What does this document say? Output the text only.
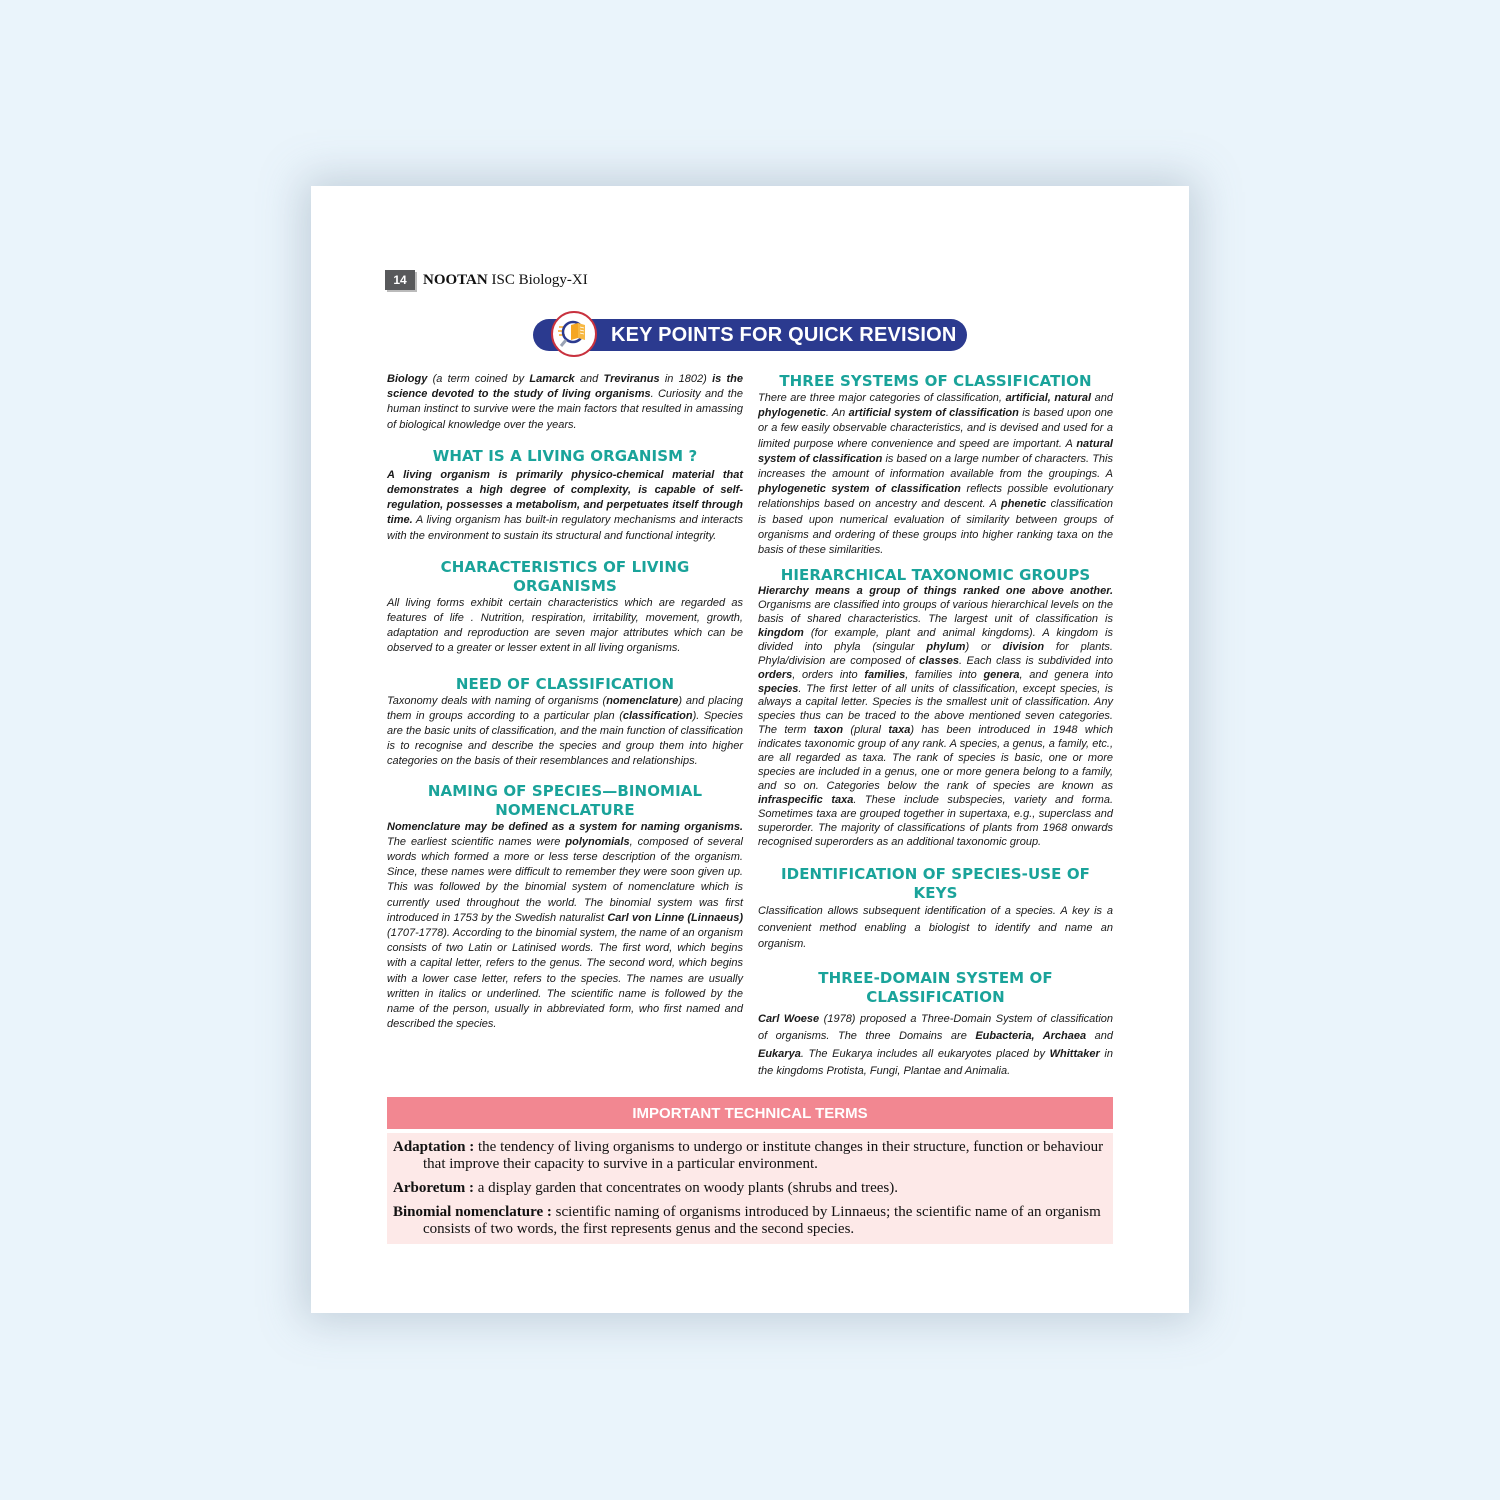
14	NOOTAN ISC Biology-XI
KEY POINTS FOR QUICK REVISION

Biology (a term coined by Lamarck and Treviranus in 1802) is the science devoted to the study of living organisms. Curiosity and the human instinct to survive were the main factors that resulted in amassing of biological knowledge over the years.

WHAT IS A LIVING ORGANISM ?

A living organism is primarily physico-chemical material that demonstrates a high degree of complexity, is capable of self-regulation, possesses a metabolism, and perpetuates itself through time. A living organism has built-in regulatory mechanisms and interacts with the environment to sustain its structural and functional integrity.

CHARACTERISTICS OF LIVING ORGANISMS

All living forms exhibit certain characteristics which are regarded as features of life . Nutrition, respiration, irritability, movement, growth, adaptation and reproduction are seven major attributes which can be observed to a greater or lesser extent in all living organisms.

NEED OF CLASSIFICATION

Taxonomy deals with naming of organisms (nomenclature) and placing them in groups according to a particular plan (classification). Species are the basic units of classification, and the main function of classification is to recognise and describe the species and group them into higher categories on the basis of their resemblances and relationships.

NAMING OF SPECIES—BINOMIAL
NOMENCLATURE

Nomenclature may be defined as a system for naming organisms. The earliest scientific names were polynomials, composed of several words which formed a more or less terse description of the organism. Since, these names were difficult to remember they were soon given up. This was followed by the binomial system of nomenclature which is currently used throughout the world. The binomial system was first introduced in 1753 by the Swedish naturalist Carl von Linne (Linnaeus) (1707-1778). According to the binomial system, the name of an organism consists of two Latin or Latinised words. The first word, which begins with a capital letter, refers to the genus. The second word, which begins with a lower case letter, refers to the species. The names are usually written in italics or underlined. The scientific name is followed by the name of the person, usually in abbreviated form, who first named and described the species.

THREE SYSTEMS OF CLASSIFICATION

There are three major categories of classification, artificial, natural and phylogenetic. An artificial system of classification is based upon one or a few easily observable characteristics, and is devised and used for a limited purpose where convenience and speed are important. A natural system of classification is based on a large number of characters. This increases the amount of information available from the groupings. A phylogenetic system of classification reflects possible evolutionary relationships based on ancestry and descent. A phenetic classification is based upon numerical evaluation of similarity between groups of organisms and ordering of these groups into higher ranking taxa on the basis of these similarities.

HIERARCHICAL TAXONOMIC GROUPS

Hierarchy means a group of things ranked one above another. Organisms are classified into groups of various hierarchical levels on the basis of shared characteristics. The largest unit of classification is kingdom (for example, plant and animal kingdoms). A kingdom is divided into phyla (singular phylum) or division for plants. Phyla/division are composed of classes. Each class is subdivided into orders, orders into families, families into genera, and genera into species. The first letter of all units of classification, except species, is always a capital letter. Species is the smallest unit of classification. Any species thus can be traced to the above mentioned seven categories. The term taxon (plural taxa) has been introduced in 1948 which indicates taxonomic group of any rank. A species, a genus, a family, etc., are all regarded as taxa. The rank of species is basic, one or more species are included in a genus, one or more genera belong to a family, and so on. Categories below the rank of species are known as infraspecific taxa. These include subspecies, variety and forma. Sometimes taxa are grouped together in supertaxa, e.g., superclass and superorder. The majority of classifications of plants from 1968 onwards recognised superorders as an additional taxonomic group.

IDENTIFICATION OF SPECIES-USE OF KEYS

Classification allows subsequent identification of a species. A key is a convenient method enabling a biologist to identify and name an organism.

THREE-DOMAIN SYSTEM OF CLASSIFICATION

Carl Woese (1978) proposed a Three-Domain System of classification of organisms. The three Domains are Eubacteria, Archaea and Eukarya. The Eukarya includes all eukaryotes placed by Whittaker in the kingdoms Protista, Fungi, Plantae and Animalia.

IMPORTANT TECHNICAL TERMS
Adaptation : the tendency of living organisms to undergo or institute changes in their structure, function or behaviour that improve their capacity to survive in a particular environment.
Arboretum : a display garden that concentrates on woody plants (shrubs and trees).
Binomial nomenclature : scientific naming of organisms introduced by Linnaeus; the scientific name of an organism consists of two words, the first represents genus and the second species.
